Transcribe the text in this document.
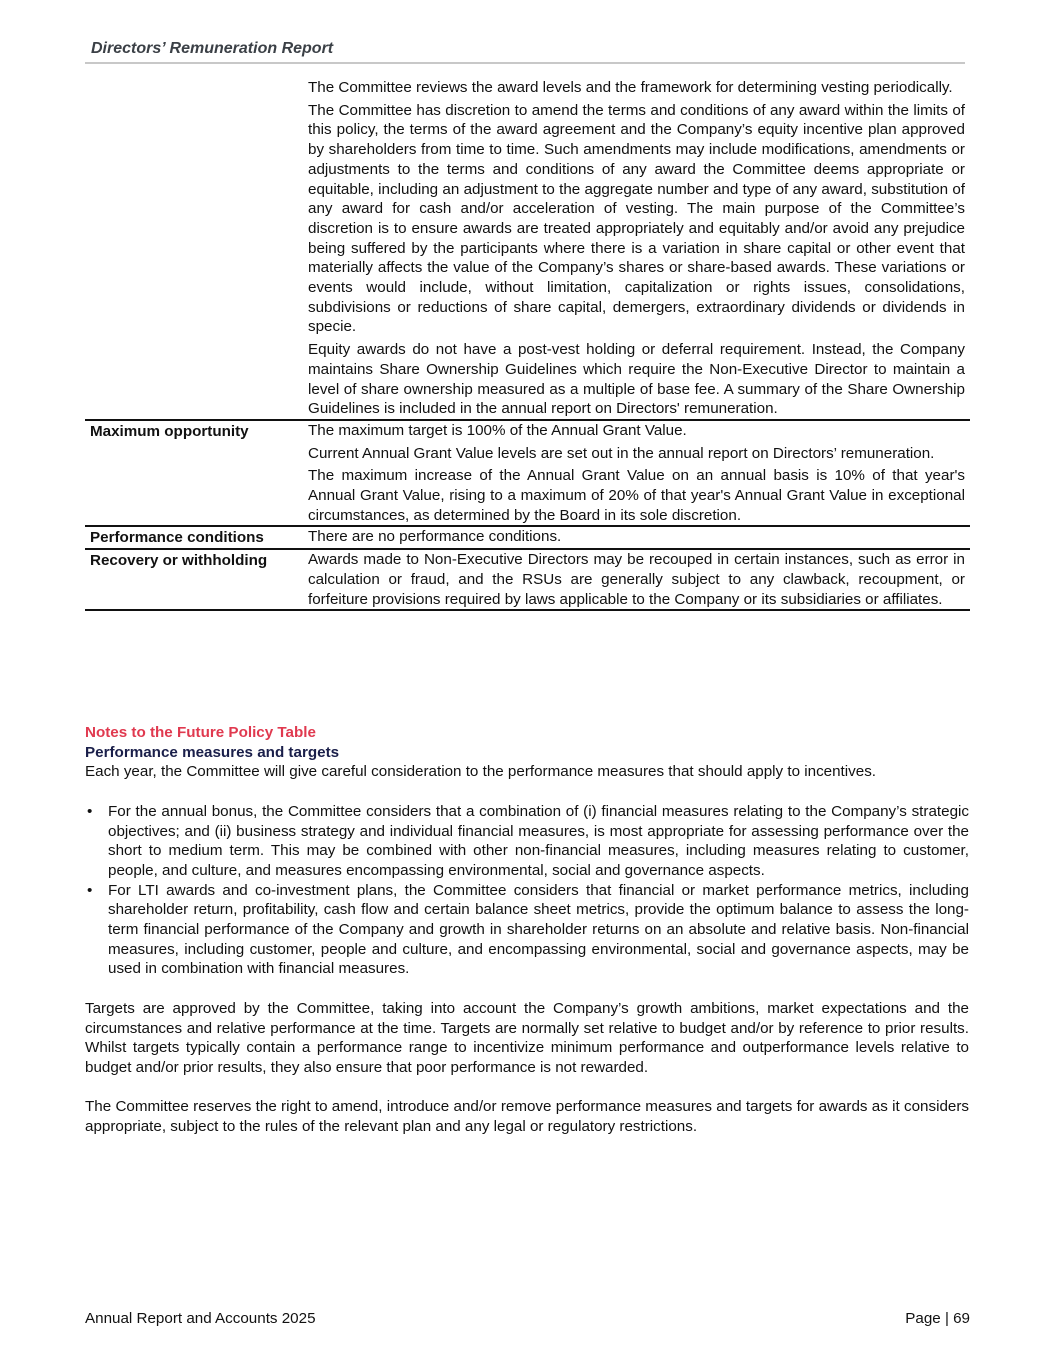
Directors’ Remuneration Report

	The Committee reviews the award levels and the framework for determining vesting periodically.

The Committee has discretion to amend the terms and conditions of any award within the limits of this policy, the terms of the award agreement and the Company’s equity incentive plan approved by shareholders from time to time. Such amendments may include modifications, amendments or adjustments to the terms and conditions of any award the Committee deems appropriate or equitable, including an adjustment to the aggregate number and type of any award, substitution of any award for cash and/or acceleration of vesting. The main purpose of the Committee’s discretion is to ensure awards are treated appropriately and equitably and/or avoid any prejudice being suffered by the participants where there is a variation in share capital or other event that materially affects the value of the Company’s shares or share-based awards. These variations or events would include, without limitation, capitalization or rights issues, consolidations, subdivisions or reductions of share capital, demergers, extraordinary dividends or dividends in specie.

Equity awards do not have a post-vest holding or deferral requirement. Instead, the Company maintains Share Ownership Guidelines which require the Non-Executive Director to maintain a level of share ownership measured as a multiple of base fee. A summary of the Share Ownership Guidelines is included in the annual report on Directors' remuneration.

Maximum opportunity	The maximum target is 100% of the Annual Grant Value.

Current Annual Grant Value levels are set out in the annual report on Directors’ remuneration.

The maximum increase of the Annual Grant Value on an annual basis is 10% of that year's Annual Grant Value, rising to a maximum of 20% of that year's Annual Grant Value in exceptional circumstances, as determined by the Board in its sole discretion.

Performance conditions	There are no performance conditions.

Recovery or withholding	Awards made to Non-Executive Directors may be recouped in certain instances, such as error in calculation or fraud, and the RSUs are generally subject to any clawback, recoupment, or forfeiture provisions required by laws applicable to the Company or its subsidiaries or affiliates.

Notes to the Future Policy Table

Performance measures and targets

Each year, the Committee will give careful consideration to the performance measures that should apply to incentives.

• For the annual bonus, the Committee considers that a combination of (i) financial measures relating to the Company’s strategic objectives; and (ii) business strategy and individual financial measures, is most appropriate for assessing performance over the short to medium term. This may be combined with other non-financial measures, including measures relating to customer, people, and culture, and measures encompassing environmental, social and governance aspects.
• For LTI awards and co-investment plans, the Committee considers that financial or market performance metrics, including shareholder return, profitability, cash flow and certain balance sheet metrics, provide the optimum balance to assess the long-term financial performance of the Company and growth in shareholder returns on an absolute and relative basis. Non-financial measures, including customer, people and culture, and encompassing environmental, social and governance aspects, may be used in combination with financial measures.

Targets are approved by the Committee, taking into account the Company’s growth ambitions, market expectations and the circumstances and relative performance at the time. Targets are normally set relative to budget and/or by reference to prior results. Whilst targets typically contain a performance range to incentivize minimum performance and outperformance levels relative to budget and/or prior results, they also ensure that poor performance is not rewarded.

The Committee reserves the right to amend, introduce and/or remove performance measures and targets for awards as it considers appropriate, subject to the rules of the relevant plan and any legal or regulatory restrictions.

Annual Report and Accounts 2025	Page | 69
